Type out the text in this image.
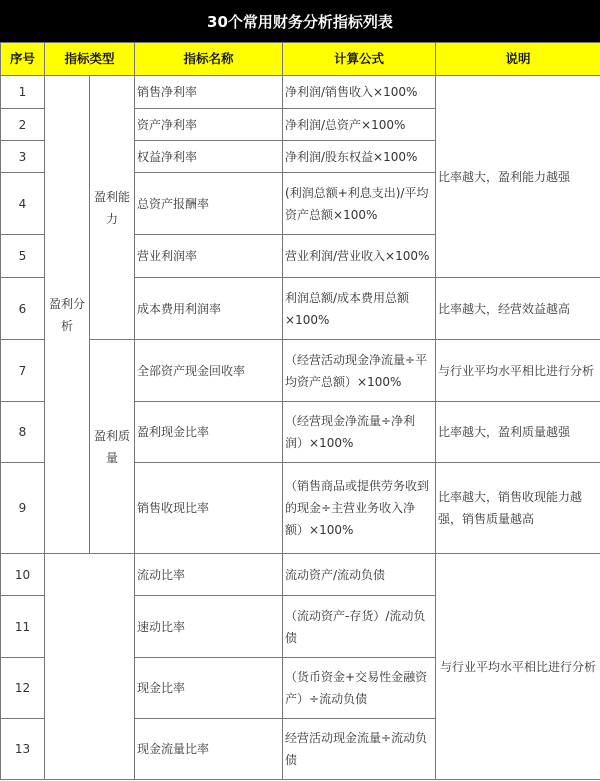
30个常用财务分析指标列表
序号	指标类型		指标名称	计算公式	说明
1	盈利分析	盈利能力	销售净利率	净利润/销售收入×100%	比率越大，盈利能力越强
2			资产净利率	净利润/总资产×100%	
3			权益净利率	净利润/股东权益×100%	
4			总资产报酬率	(利润总额+利息支出)/平均资产总额×100%	
5			营业利润率	营业利润/营业收入×100%	
6			成本费用利润率	利润总额/成本费用总额×100%	比率越大，经营效益越高
7		盈利质量	全部资产现金回收率	（经营活动现金净流量÷平均资产总额）×100%	与行业平均水平相比进行分析
8			盈利现金比率	（经营现金净流量÷净利润）×100%	比率越大，盈利质量越强
9			销售收现比率	（销售商品或提供劳务收到的现金÷主营业务收入净额）×100%	比率越大，销售收现能力越强，销售质量越高
10			流动比率	流动资产/流动负债	与行业平均水平相比进行分析
11			速动比率	（流动资产-存货）/流动负债	
12			现金比率	（货币资金+交易性金融资产）÷流动负债	
13			现金流量比率	经营活动现金流量÷流动负债	
